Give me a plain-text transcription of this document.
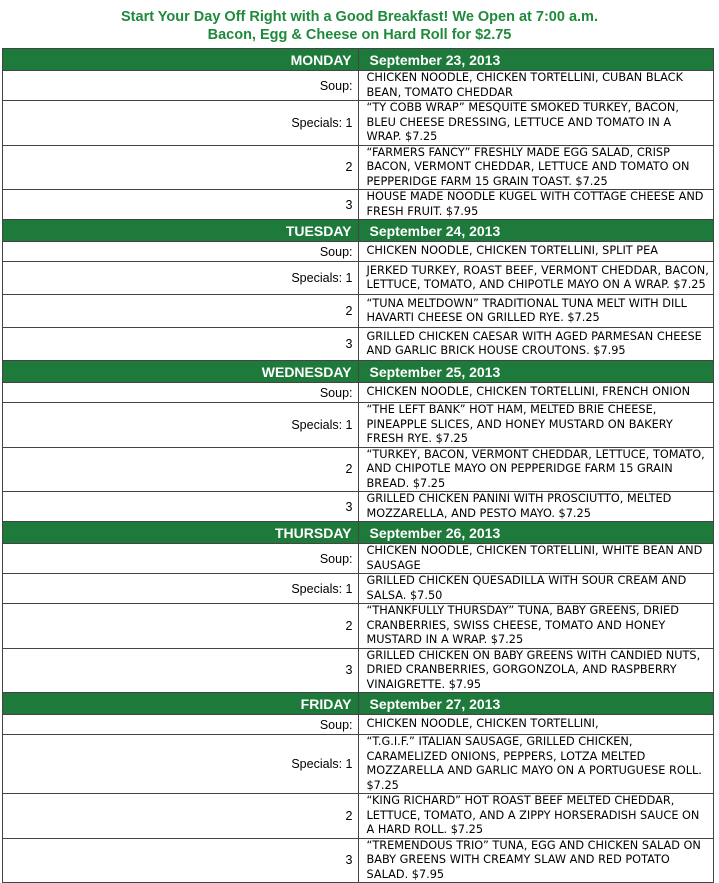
Start Your Day Off Right with a Good Breakfast! We Open at 7:00 a.m.
Bacon, Egg & Cheese on Hard Roll for $2.75
MONDAY	September 23, 2013
Soup:	CHICKEN NOODLE, CHICKEN TORTELLINI, CUBAN BLACK BEAN, TOMATO CHEDDAR
Specials: 1	“TY COBB WRAP” MESQUITE SMOKED TURKEY, BACON, BLEU CHEESE DRESSING, LETTUCE AND TOMATO IN A WRAP. $7.25
2	“FARMERS FANCY” FRESHLY MADE EGG SALAD, CRISP BACON, VERMONT CHEDDAR, LETTUCE AND TOMATO ON PEPPERIDGE FARM 15 GRAIN TOAST. $7.25
3	HOUSE MADE NOODLE KUGEL WITH COTTAGE CHEESE AND FRESH FRUIT. $7.95
TUESDAY	September 24, 2013
Soup:	CHICKEN NOODLE, CHICKEN TORTELLINI, SPLIT PEA
Specials: 1	JERKED TURKEY, ROAST BEEF, VERMONT CHEDDAR, BACON, LETTUCE, TOMATO, AND CHIPOTLE MAYO ON A WRAP. $7.25
2	“TUNA MELTDOWN” TRADITIONAL TUNA MELT WITH DILL HAVARTI CHEESE ON GRILLED RYE. $7.25
3	GRILLED CHICKEN CAESAR WITH AGED PARMESAN CHEESE AND GARLIC BRICK HOUSE CROUTONS. $7.95
WEDNESDAY	September 25, 2013
Soup:	CHICKEN NOODLE, CHICKEN TORTELLINI, FRENCH ONION
Specials: 1	“THE LEFT BANK” HOT HAM, MELTED BRIE CHEESE, PINEAPPLE SLICES, AND HONEY MUSTARD ON BAKERY FRESH RYE. $7.25
2	“TURKEY, BACON, VERMONT CHEDDAR, LETTUCE, TOMATO, AND CHIPOTLE MAYO ON PEPPERIDGE FARM 15 GRAIN BREAD. $7.25
3	GRILLED CHICKEN PANINI WITH PROSCIUTTO, MELTED MOZZARELLA, AND PESTO MAYO. $7.25
THURSDAY	September 26, 2013
Soup:	CHICKEN NOODLE, CHICKEN TORTELLINI, WHITE BEAN AND SAUSAGE
Specials: 1	GRILLED CHICKEN QUESADILLA WITH SOUR CREAM AND SALSA. $7.50
2	“THANKFULLY THURSDAY” TUNA, BABY GREENS, DRIED CRANBERRIES, SWISS CHEESE, TOMATO AND HONEY MUSTARD IN A WRAP. $7.25
3	GRILLED CHICKEN ON BABY GREENS WITH CANDIED NUTS, DRIED CRANBERRIES, GORGONZOLA, AND RASPBERRY VINAIGRETTE. $7.95
FRIDAY	September 27, 2013
Soup:	CHICKEN NOODLE, CHICKEN TORTELLINI,
Specials: 1	“T.G.I.F.” ITALIAN SAUSAGE, GRILLED CHICKEN, CARAMELIZED ONIONS, PEPPERS, LOTZA MELTED MOZZARELLA AND GARLIC MAYO ON A PORTUGUESE ROLL. $7.25
2	“KING RICHARD” HOT ROAST BEEF MELTED CHEDDAR, LETTUCE, TOMATO, AND A ZIPPY HORSERADISH SAUCE ON A HARD ROLL. $7.25
3	“TREMENDOUS TRIO” TUNA, EGG AND CHICKEN SALAD ON BABY GREENS WITH CREAMY SLAW AND RED POTATO SALAD. $7.95
